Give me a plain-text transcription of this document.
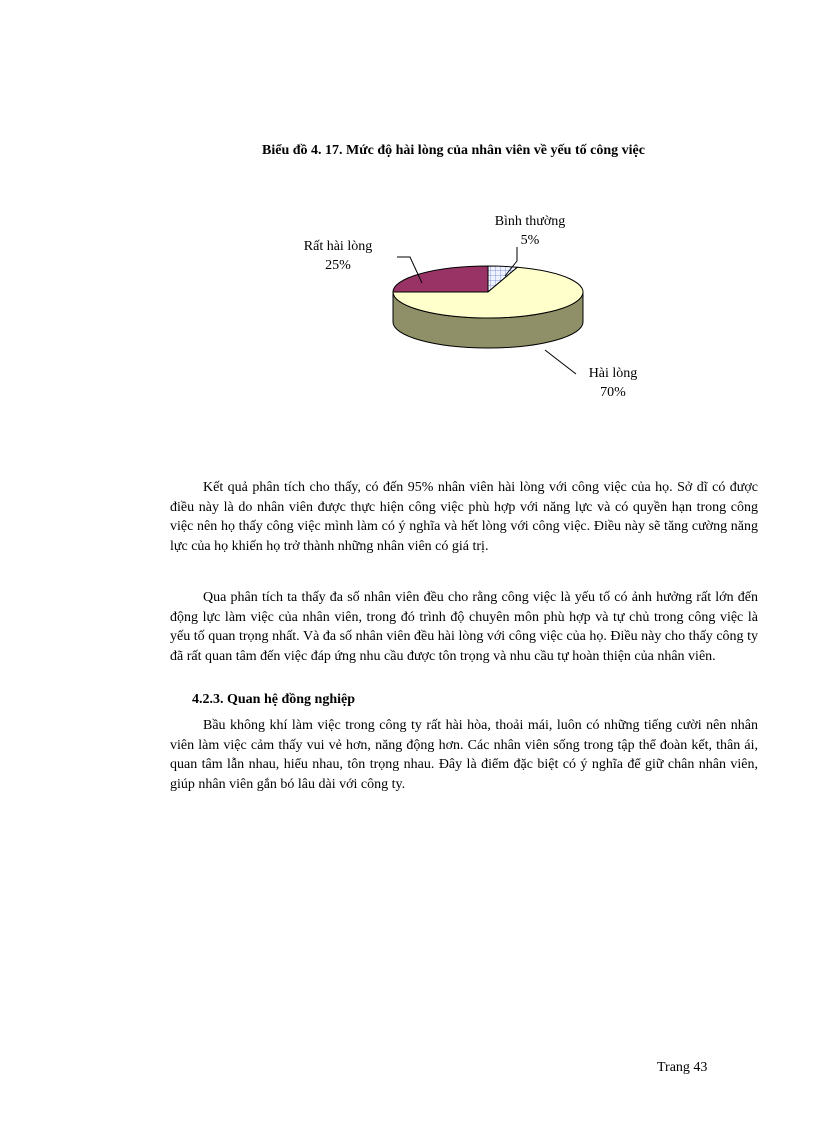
Biểu đồ 4. 17. Mức độ hài lòng của nhân viên về yếu tố công việc
Bình thường
5%
Rất hài lòng
25%
Hài lòng
70%

Kết quả phân tích cho thấy, có đến 95% nhân viên hài lòng với công việc của họ. Sở dĩ có được điều này là do nhân viên được thực hiện công việc phù hợp với năng lực và có quyền hạn trong công việc nên họ thấy công việc mình làm có ý nghĩa và hết lòng với công việc. Điều này sẽ tăng cường năng lực của họ khiến họ trở thành những nhân viên có giá trị.

Qua phân tích ta thấy đa số nhân viên đều cho rằng công việc là yếu tố có ảnh hưởng rất lớn đến động lực làm việc của nhân viên, trong đó trình độ chuyên môn phù hợp và tự chủ trong công việc là yếu tố quan trọng nhất. Và đa số nhân viên đều hài lòng với công việc của họ. Điều này cho thấy công ty đã rất quan tâm đến việc đáp ứng nhu cầu được tôn trọng và nhu cầu tự hoàn thiện của nhân viên.

4.2.3. Quan hệ đồng nghiệp

Bầu không khí làm việc trong công ty rất hài hòa, thoải mái, luôn có những tiếng cười nên nhân viên làm việc cảm thấy vui vẻ hơn, năng động hơn. Các nhân viên sống trong tập thể đoàn kết, thân ái, quan tâm lẫn nhau, hiểu nhau, tôn trọng nhau. Đây là điểm đặc biệt có ý nghĩa để giữ chân nhân viên, giúp nhân viên gắn bó lâu dài với công ty.

Trang 43
